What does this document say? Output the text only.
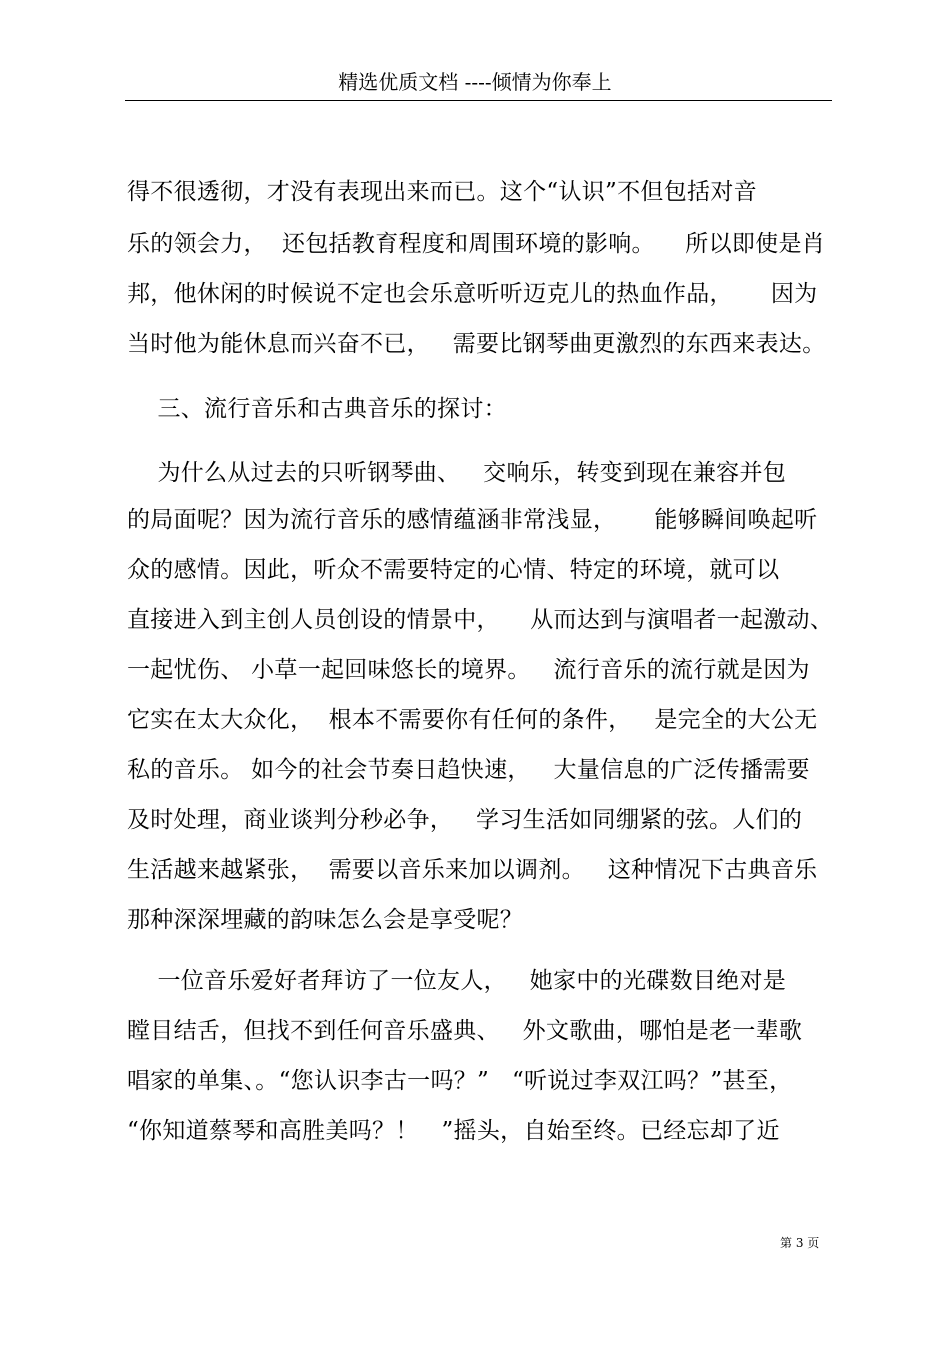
精选优质文档 ----倾情为你奉上
得不很透彻，才没有表现出来而已。这个“认识”不但包括对音
乐的领会力，  还包括教育程度和周围环境的影响。    所以即使是肖
邦，他休闲的时候说不定也会乐意听听迈克儿的热血作品，     因为
当时他为能休息而兴奋不已，   需要比钢琴曲更激烈的东西来表达。
三、流行音乐和古典音乐的探讨：
为什么从过去的只听钢琴曲、   交响乐，转变到现在兼容并包
的局面呢？因为流行音乐的感情蕴涵非常浅显，     能够瞬间唤起听
众的感情。因此，听众不需要特定的心情、特定的环境，就可以
直接进入到主创人员创设的情景中，    从而达到与演唱者一起激动、
一起忧伤、 小草一起回味悠长的境界。   流行音乐的流行就是因为
它实在太大众化，  根本不需要你有任何的条件，   是完全的大公无
私的音乐。 如今的社会节奏日趋快速，   大量信息的广泛传播需要
及时处理，商业谈判分秒必争，   学习生活如同绷紧的弦。人们的
生活越来越紧张，  需要以音乐来加以调剂。   这种情况下古典音乐
那种深深埋藏的韵味怎么会是享受呢？
一位音乐爱好者拜访了一位友人，   她家中的光碟数目绝对是
瞠目结舌，但找不到任何音乐盛典、   外文歌曲，哪怕是老一辈歌
唱家的单集、。“您认识李古一吗？”   “听说过李双江吗？”甚至，
“你知道蔡琴和高胜美吗？！   ”摇头，自始至终。已经忘却了近
第 3 页
